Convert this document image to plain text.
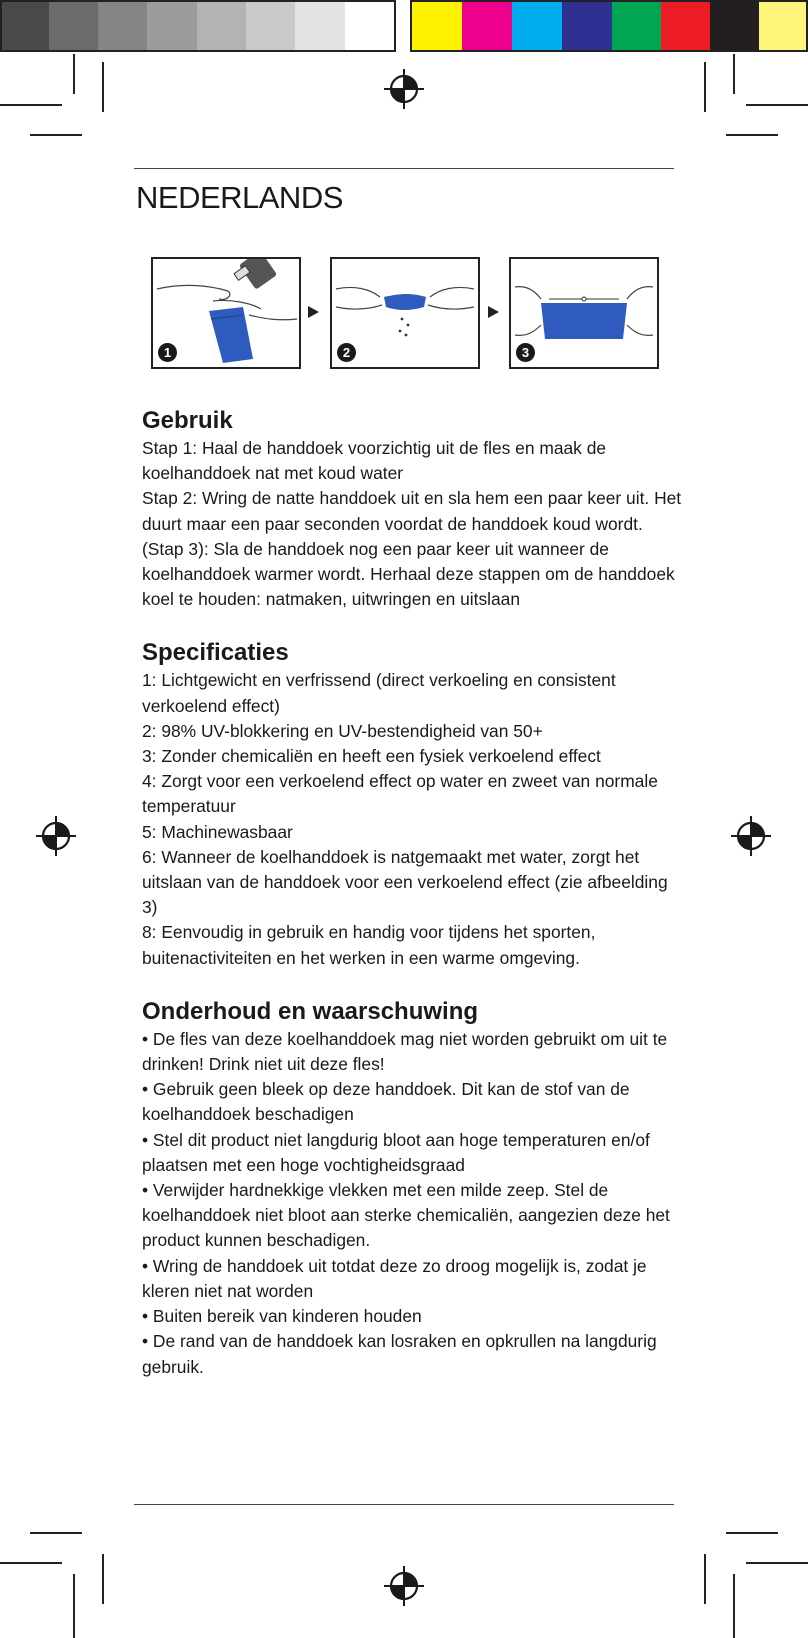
NEDERLANDS
1	2	3
Gebruik

Stap 1: Haal de handdoek voorzichtig uit de fles en maak de

koelhanddoek nat met koud water

Stap 2: Wring de natte handdoek uit en sla hem een paar keer uit. Het

duurt maar een paar seconden voordat de handdoek koud wordt.

(Stap 3): Sla de handdoek nog een paar keer uit wanneer de

koelhanddoek warmer wordt. Herhaal deze stappen om de handdoek

koel te houden: natmaken, uitwringen en uitslaan

Specificaties

1: Lichtgewicht en verfrissend (direct verkoeling en consistent

verkoelend effect)

2: 98% UV-blokkering en UV-bestendigheid van 50+

3: Zonder chemicaliën en heeft een fysiek verkoelend effect

4: Zorgt voor een verkoelend effect op water en zweet van normale

temperatuur

5: Machinewasbaar

6: Wanneer de koelhanddoek is natgemaakt met water, zorgt het

uitslaan van de handdoek voor een verkoelend effect (zie afbeelding 3)

8: Eenvoudig in gebruik en handig voor tijdens het sporten,

buitenactiviteiten en het werken in een warme omgeving.

Onderhoud en waarschuwing

• De fles van deze koelhanddoek mag niet worden gebruikt om uit te

drinken! Drink niet uit deze fles!

• Gebruik geen bleek op deze handdoek. Dit kan de stof van de

koelhanddoek beschadigen

• Stel dit product niet langdurig bloot aan hoge temperaturen en/of

plaatsen met een hoge vochtigheidsgraad

• Verwijder hardnekkige vlekken met een milde zeep. Stel de

koelhanddoek niet bloot aan sterke chemicaliën, aangezien deze het

product kunnen beschadigen.

• Wring de handdoek uit totdat deze zo droog mogelijk is, zodat je

kleren niet nat worden

• Buiten bereik van kinderen houden

• De rand van de handdoek kan losraken en opkrullen na langdurig

gebruik.
